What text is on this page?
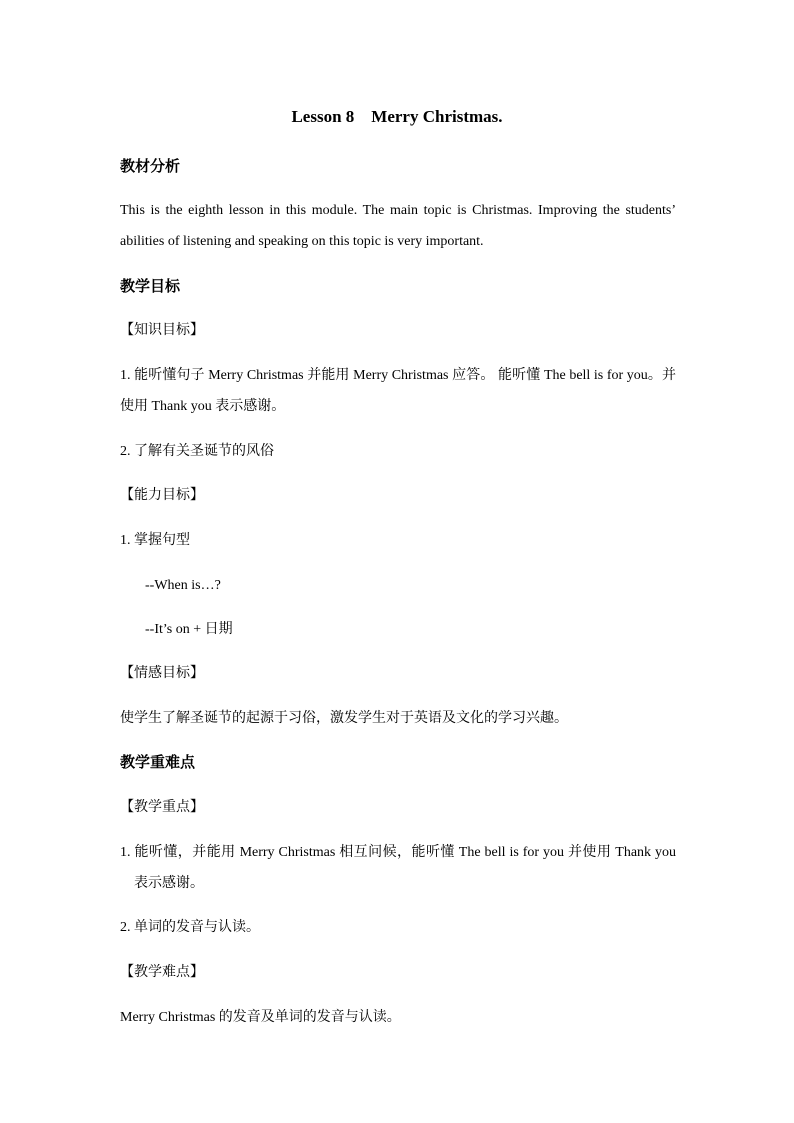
Lesson 8    Merry Christmas.
教材分析
This is the eighth lesson in this module. The main topic is Christmas. Improving the students’
abilities of listening and speaking on this topic is very important.
教学目标
【知识目标】
1. 能听懂句子 Merry Christmas 并能用 Merry Christmas 应答。 能听懂 The bell is for you。并
使用 Thank you 表示感谢。
2. 了解有关圣诞节的风俗
【能力目标】
1. 掌握句型
--When is…?
--It’s on + 日期
【情感目标】
使学生了解圣诞节的起源于习俗，激发学生对于英语及文化的学习兴趣。
教学重难点
【教学重点】
1. 能听懂，并能用 Merry Christmas 相互问候，能听懂 The bell is for you 并使用 Thank you
表示感谢。
2. 单词的发音与认读。
【教学难点】
Merry Christmas 的发音及单词的发音与认读。
